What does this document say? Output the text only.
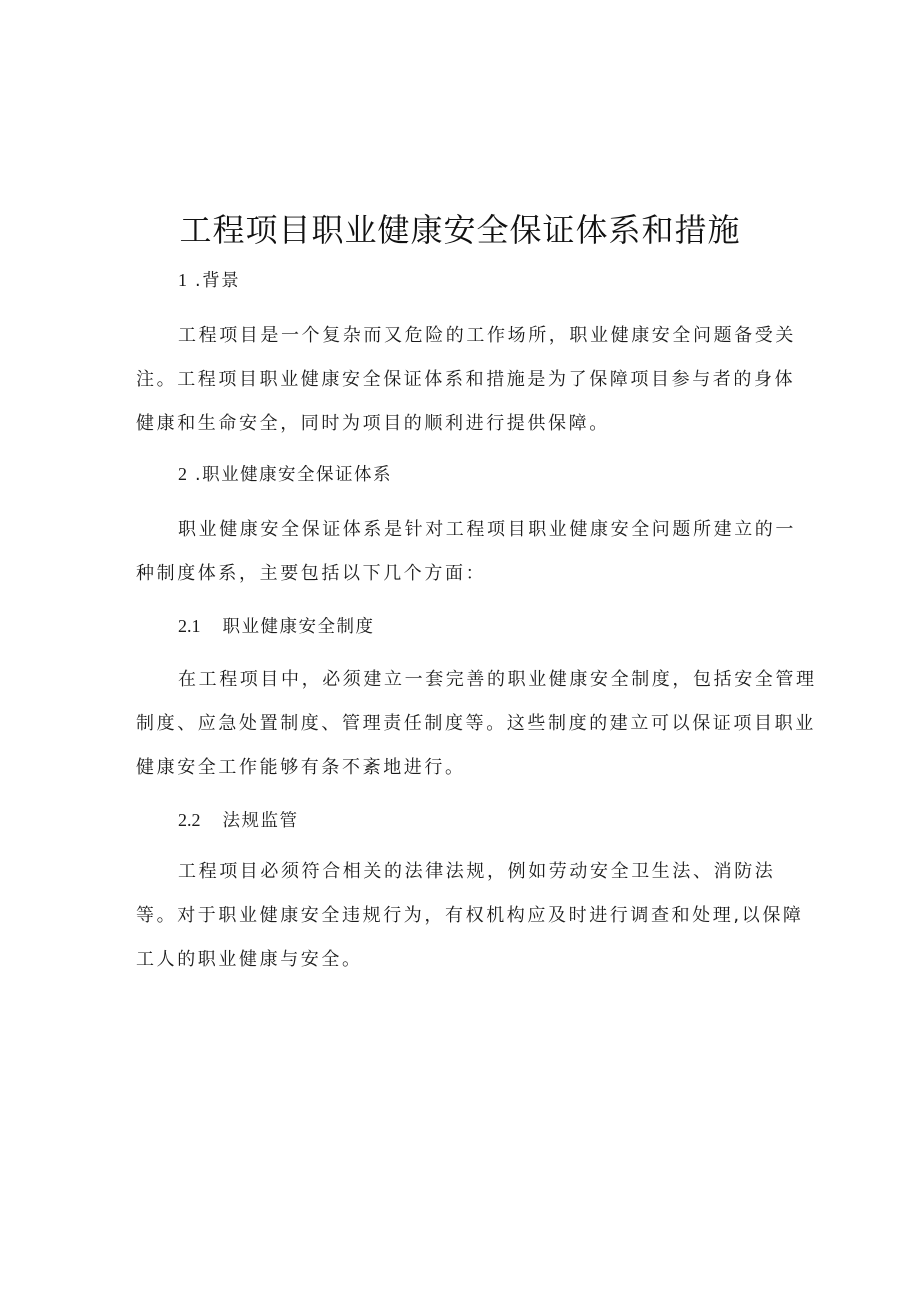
工程项目职业健康安全保证体系和措施
1 .背景
工程项目是一个复杂而又危险的工作场所，职业健康安全问题备受关
注。工程项目职业健康安全保证体系和措施是为了保障项目参与者的身体
健康和生命安全，同时为项目的顺利进行提供保障。
2 .职业健康安全保证体系
职业健康安全保证体系是针对工程项目职业健康安全问题所建立的一
种制度体系，主要包括以下几个方面：
2.1 职业健康安全制度
在工程项目中，必须建立一套完善的职业健康安全制度，包括安全管理
制度、应急处置制度、管理责任制度等。这些制度的建立可以保证项目职业
健康安全工作能够有条不紊地进行。
2.2 法规监管
工程项目必须符合相关的法律法规，例如劳动安全卫生法、消防法
等。对于职业健康安全违规行为，有权机构应及时进行调查和处理,以保障
工人的职业健康与安全。
